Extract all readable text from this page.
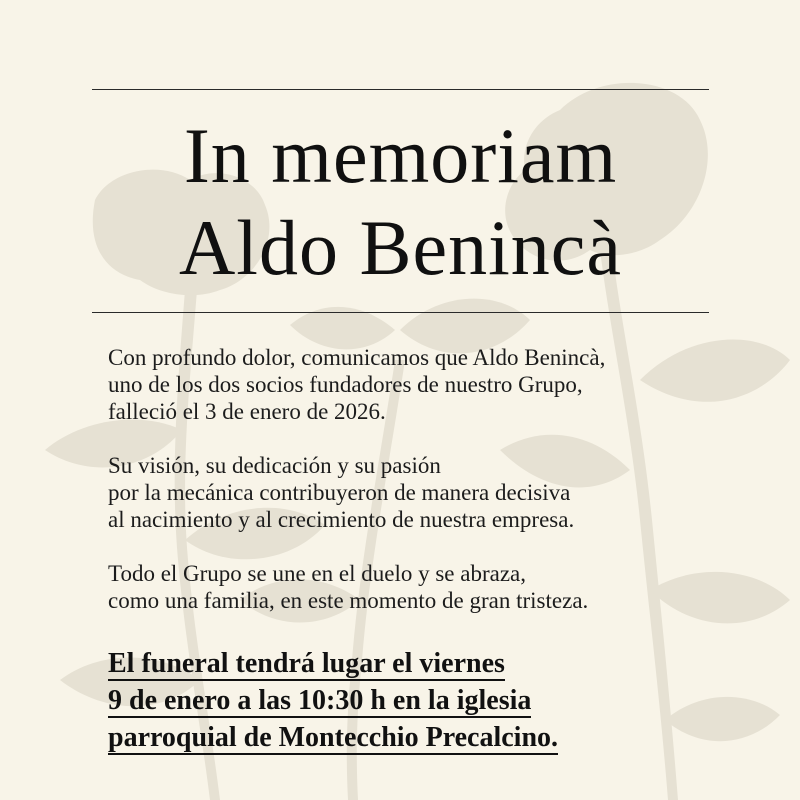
In memoriam
Aldo Benincà

Con profundo dolor, comunicamos que Aldo Benincà,
uno de los dos socios fundadores de nuestro Grupo,
falleció el 3 de enero de 2026.

Su visión, su dedicación y su pasión
por la mecánica contribuyeron de manera decisiva
al nacimiento y al crecimiento de nuestra empresa.

Todo el Grupo se une en el duelo y se abraza,
como una familia, en este momento de gran tristeza.

El funeral tendrá lugar el viernes
9 de enero a las 10:30 h en la iglesia
parroquial de Montecchio Precalcino.
